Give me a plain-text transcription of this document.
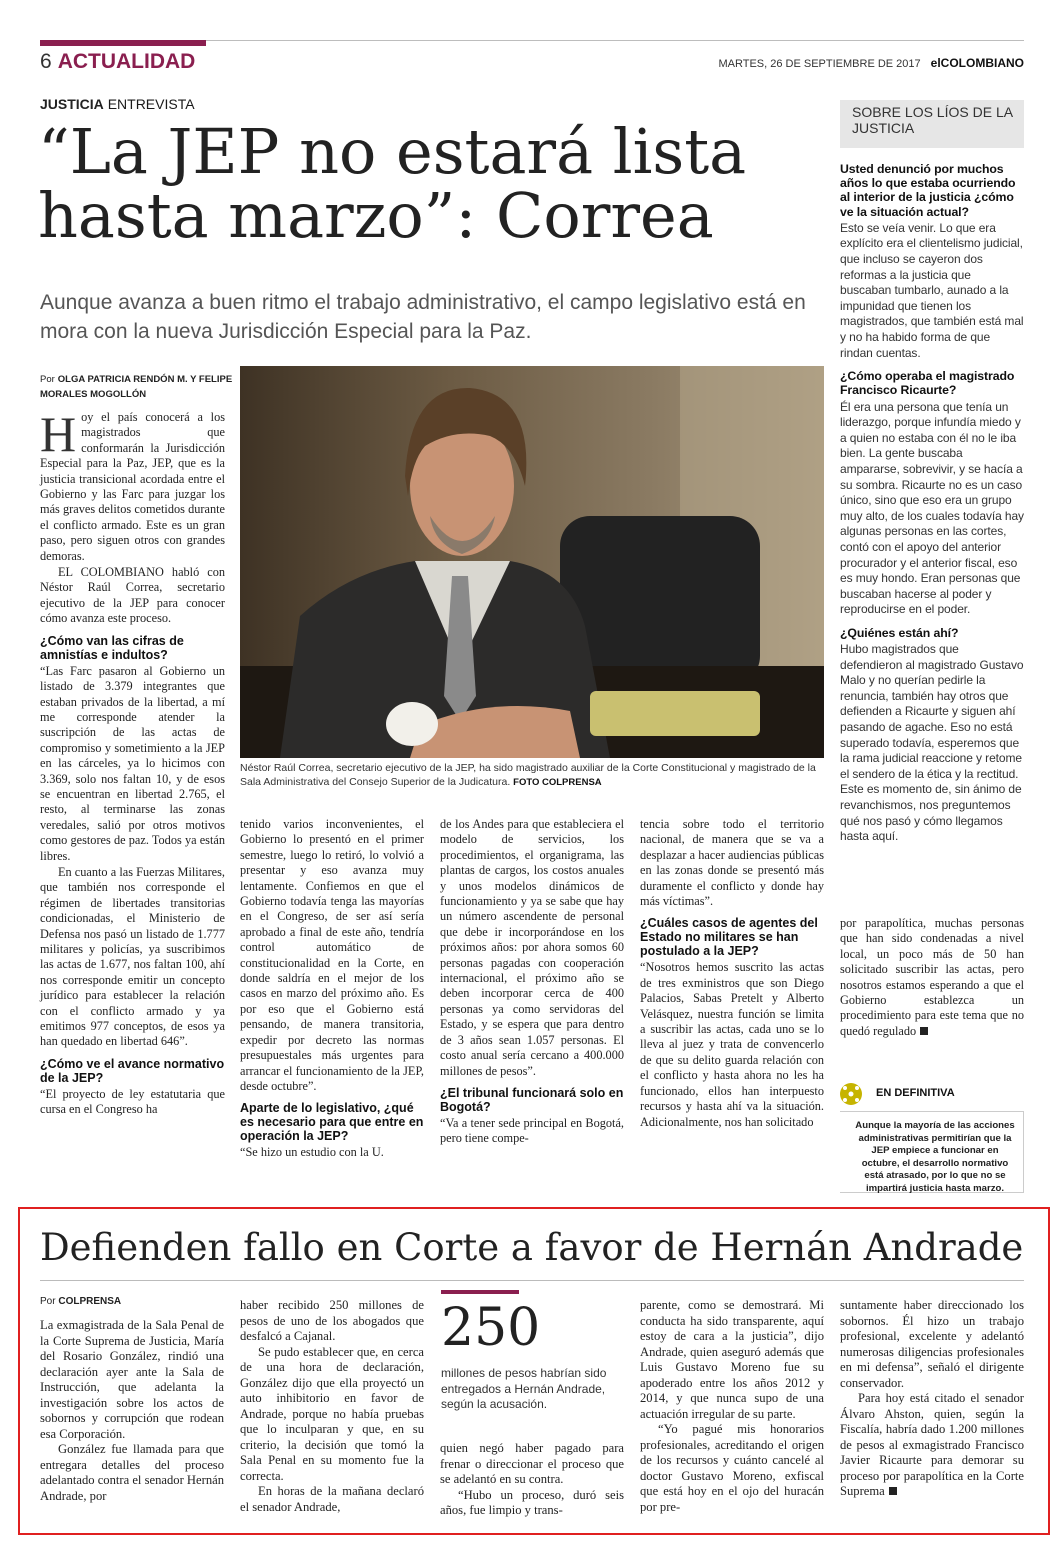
6 ACTUALIDAD	MARTES, 26 DE SEPTIEMBRE DE 2017 elCOLOMBIANO
JUSTICIA ENTREVISTA
“La JEP no estará lista hasta marzo”: Correa
Aunque avanza a buen ritmo el trabajo administrativo, el campo legislativo está en mora con la nueva Jurisdicción Especial para la Paz.
Por OLGA PATRICIA RENDÓN M. Y FELIPE MORALES MOGOLLÓN

Hoy el país conocerá a los magistrados que conformarán la Jurisdicción Especial para la Paz, JEP, que es la justicia transicional acordada entre el Gobierno y las Farc para juzgar los más graves delitos cometidos durante el conflicto armado. Este es un gran paso, pero siguen otros con grandes demoras.

EL COLOMBIANO habló con Néstor Raúl Correa, secretario ejecutivo de la JEP para conocer cómo avanza este proceso.

¿Cómo van las cifras de amnistías e indultos?

“Las Farc pasaron al Gobierno un listado de 3.379 integrantes que estaban privados de la libertad, a mí me corresponde atender la suscripción de las actas de compromiso y sometimiento a la JEP en las cárceles, ya lo hicimos con 3.369, solo nos faltan 10, y de esos se encuentran en libertad 2.765, el resto, al terminarse las zonas veredales, salió por otros motivos como gestores de paz. Todos ya están libres.

En cuanto a las Fuerzas Militares, que también nos corresponde el régimen de libertades transitorias condicionadas, el Ministerio de Defensa nos pasó un listado de 1.777 militares y policías, ya suscribimos las actas de 1.677, nos faltan 100, ahí nos corresponde emitir un concepto jurídico para establecer la relación con el conflicto armado y ya emitimos 977 conceptos, de esos ya han quedado en libertad 646”.

¿Cómo ve el avance normativo de la JEP?

“El proyecto de ley estatutaria que cursa en el Congreso ha

Néstor Raúl Correa, secretario ejecutivo de la JEP, ha sido magistrado auxiliar de la Corte Constitucional y magistrado de la Sala Administrativa del Consejo Superior de la Judicatura. FOTO COLPRENSA

tenido varios inconvenientes, el Gobierno lo presentó en el primer semestre, luego lo retiró, lo volvió a presentar y eso avanza muy lentamente. Confiemos en que el Gobierno todavía tenga las mayorías en el Congreso, de ser así sería aprobado a final de este año, tendría control automático de constitucionalidad en la Corte, en donde saldría en el mejor de los casos en marzo del próximo año. Es por eso que el Gobierno está pensando, de manera transitoria, expedir por decreto las normas presupuestales más urgentes para arrancar el funcionamiento de la JEP, desde octubre”.

Aparte de lo legislativo, ¿qué es necesario para que entre en operación la JEP?

“Se hizo un estudio con la U.

de los Andes para que estableciera el modelo de servicios, los procedimientos, el organigrama, las plantas de cargos, los costos anuales y unos modelos dinámicos de funcionamiento y ya se sabe que hay un número ascendente de personal que debe ir incorporándose en los próximos años: por ahora somos 60 personas pagadas con cooperación internacional, el próximo año se deben incorporar cerca de 400 personas ya como servidoras del Estado, y se espera que para dentro de 3 años sean 1.057 personas. El costo anual sería cercano a 400.000 millones de pesos”.

¿El tribunal funcionará solo en Bogotá?

“Va a tener sede principal en Bogotá, pero tiene compe-

tencia sobre todo el territorio nacional, de manera que se va a desplazar a hacer audiencias públicas en las zonas donde se presentó más duramente el conflicto y donde hay más víctimas”.

¿Cuáles casos de agentes del Estado no militares se han postulado a la JEP?

“Nosotros hemos suscrito las actas de tres exministros que son Diego Palacios, Sabas Pretelt y Alberto Velásquez, nuestra función se limita a suscribir las actas, cada uno se lo lleva al juez y trata de convencerlo de que su delito guarda relación con el conflicto y hasta ahora no les ha funcionado, ellos han interpuesto recursos y hasta ahí va la situación. Adicionalmente, nos han solicitado

por parapolítica, muchas personas que han sido condenadas a nivel local, un poco más de 50 han solicitado suscribir las actas, pero nosotros estamos esperando a que el Gobierno establezca un procedimiento para este tema que no quedó regulado

SOBRE LOS LÍOS DE LA JUSTICIA
Usted denunció por muchos años lo que estaba ocurriendo al interior de la justicia ¿cómo ve la situación actual?

Esto se veía venir. Lo que era explícito era el clientelismo judicial, que incluso se cayeron dos reformas a la justicia que buscaban tumbarlo, aunado a la impunidad que tienen los magistrados, que también está mal y no ha habido forma de que rindan cuentas.

¿Cómo operaba el magistrado Francisco Ricaurte?

Él era una persona que tenía un liderazgo, porque infundía miedo y a quien no estaba con él no le iba bien. La gente buscaba ampararse, sobrevivir, y se hacía a su sombra. Ricaurte no es un caso único, sino que eso era un grupo muy alto, de los cuales todavía hay algunas personas en las cortes, contó con el apoyo del anterior procurador y el anterior fiscal, eso es muy hondo. Eran personas que buscaban hacerse al poder y reproducirse en el poder.

¿Quiénes están ahí?

Hubo magistrados que defendieron al magistrado Gustavo Malo y no querían pedirle la renuncia, también hay otros que defienden a Ricaurte y siguen ahí pasando de agache. Eso no está superado todavía, esperemos que la rama judicial reaccione y retome el sendero de la ética y la rectitud. Este es momento de, sin ánimo de revanchismos, nos preguntemos qué nos pasó y cómo llegamos hasta aquí.

EN DEFINITIVA
Aunque la mayoría de las acciones administrativas permitirían que la JEP empiece a funcionar en octubre, el desarrollo normativo está atrasado, por lo que no se impartirá justicia hasta marzo.
Defienden fallo en Corte a favor de Hernán Andrade
Por COLPRENSA

La exmagistrada de la Sala Penal de la Corte Suprema de Justicia, María del Rosario González, rindió una declaración ayer ante la Sala de Instrucción, que adelanta la investigación sobre los actos de sobornos y corrupción que rodean esa Corporación.

González fue llamada para que entregara detalles del proceso adelantado contra el senador Hernán Andrade, por

haber recibido 250 millones de pesos de uno de los abogados que desfalcó a Cajanal.

Se pudo establecer que, en cerca de una hora de declaración, González dijo que ella proyectó un auto inhibitorio en favor de Andrade, porque no había pruebas que lo inculparan y que, en su criterio, la decisión que tomó la Sala Penal en su momento fue la correcta.

En horas de la mañana declaró el senador Andrade,

250
millones de pesos habrían sido entregados a Hernán Andrade, según la acusación.

quien negó haber pagado para frenar o direccionar el proceso que se adelantó en su contra.

“Hubo un proceso, duró seis años, fue limpio y trans-

parente, como se demostrará. Mi conducta ha sido transparente, aquí estoy de cara a la justicia”, dijo Andrade, quien aseguró además que Luis Gustavo Moreno fue su apoderado entre los años 2012 y 2014, y que nunca supo de una actuación irregular de su parte.

“Yo pagué mis honorarios profesionales, acreditando el origen de los recursos y cuánto cancelé al doctor Gustavo Moreno, exfiscal que está hoy en el ojo del huracán por pre-

suntamente haber direccionado los sobornos. Él hizo un trabajo profesional, excelente y adelantó numerosas diligencias profesionales en mi defensa”, señaló el dirigente conservador.

Para hoy está citado el senador Álvaro Ahston, quien, según la Fiscalía, habría dado 1.200 millones de pesos al exmagistrado Francisco Javier Ricaurte para demorar su proceso por parapolítica en la Corte Suprema
